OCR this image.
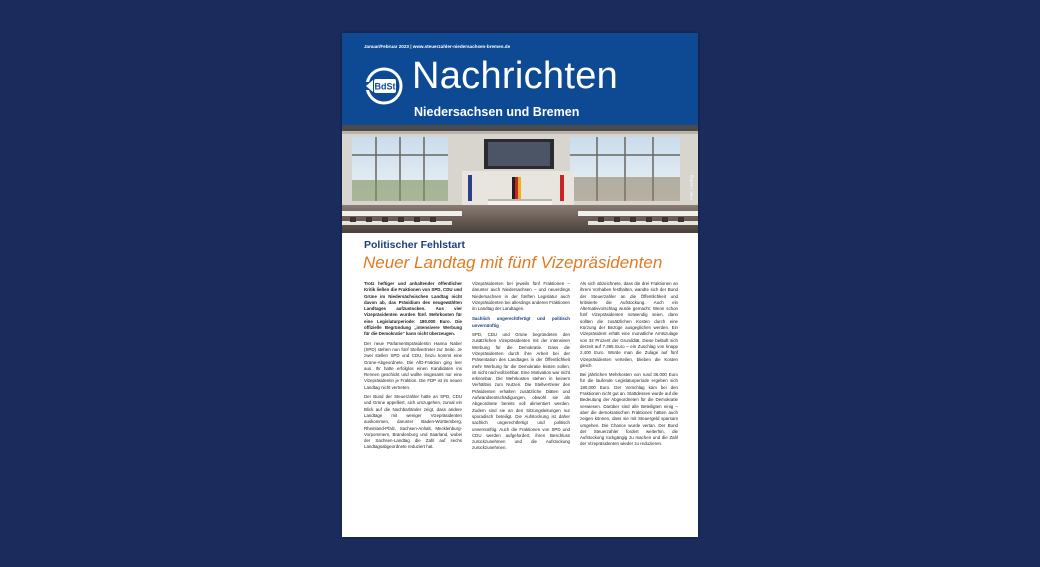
Januar/Februar 2023 | www.steuerzahler-niedersachsen-bremen.de
BdSt Nachrichten
Niedersachsen und Bremen
Foto: Landtag
Politischer Fehlstart
Neuer Landtag mit fünf Vizepräsidenten

Trotz heftiger und anhaltender öffentlicher Kritik ließen die Fraktionen von SPD, CDU und Grüne im Niedersächsischen Landtag nicht davon ab, das Präsidium des neugewählten Landtages aufzustocken. Aus vier Vizepräsidenten wurden fünf. Mehrkosten für eine Legislaturperiode: 180.000 Euro. Die offizielle Begründung „intensivere Werbung für die Demokratie“ kann nicht überzeugen.

Der neue Parlamentspräsidentin Hanna Naber (SPD) stehen nun fünf Stellvertreter zur Seite. Je zwei stellen SPD und CDU, hinzu kommt eine Grüne-Abgeordnete. Die AfD-Fraktion ging leer aus. Ihr hatte erfolglos einen Kandidaten ins Rennen geschickt und wollte insgesamt nur eine Vizepräsidentin je Fraktion. Die FDP ist im neuen Landtag nicht vertreten.

Der Bund der Steuerzahler hatte an SPD, CDU und Grüne appelliert, sich umzugehen, zumal ein Blick auf die Nachbarländer zeigt, dass andere Landtage mit weniger Vizepräsidenten auskommen, darunter Baden-Württemberg, Rheinland-Pfalz, Sachsen-Anhalt, Mecklenburg-Vorpommern, Brandenburg und Saarland, wobei der Sachsen-Landtag die Zahl auf sechs Landtagsabgeordnete reduziert hat.

Vizepräsidenten bei jeweils fünf Fraktionen – darunter auch Niedersachsen – und neuerdings Niedersachsen in der fünften Legislatur auch Vizepräsidenten bei allerdings anderen Fraktionen im Landtag der Landtagen.

Sachlich ungerechtfertigt und politisch unvernünftig

SPD, CDU und Grüne begründeten den zusätzlichen Vizepräsidenten mit der intensiven Werbung für die Demokratie. Dass die Vizepräsidenten durch ihre Arbeit bei der Präsentation des Landtages in der Öffentlichkeit mehr Werbung für die Demokratie leisten sollen, ist nicht nachvollziehbar. Eine Motivation war nicht erkennbar. Die Mehrkosten stehen in keinem Verhältnis zum Nutzen. Die Stellvertreter des Präsidenten erhalten zusätzliche Diäten und Aufwandsentschädigungen, obwohl sie als Abgeordnete bereits voll alimentiert werden. Zudem sind sie an den Sitzungsleitungen nur sporadisch beteiligt. Die Aufstockung ist daher sachlich ungerechtfertigt und politisch unvernünftig. Auch die Fraktionen von SPD und CDU werden aufgefordert, ihren Beschluss zurückzunehmen und die Aufstockung zurückzunehmen.

Als sich abzeichnete, dass die drei Fraktionen an ihrem Vorhaben festhalten, wandte sich der Bund der Steuerzahler an die Öffentlichkeit und kritisierte die Aufstockung. Auch ein Alternativvorschlag wurde gemacht: Wenn schon fünf Vizepräsidenten notwendig seien, dann sollten die zusätzlichen Kosten durch eine Kürzung der Bezüge ausgeglichen werden. Ein Vizepräsident erhält eine monatliche Amtszulage von 32 Prozent der Grunddiät. Diese beläuft sich derzeit auf 7.365 Euro – ein Zuschlag von knapp 2.400 Euro. Würde man die Zulage auf fünf Vizepräsidenten verteilen, blieben die Kosten gleich.

Bei jährlichen Mehrkosten von rund 36.000 Euro für die laufende Legislaturperiode ergeben sich 180.000 Euro. Der Vorschlag kam bei den Fraktionen nicht gut an. Stattdessen wurde auf die Bedeutung der Abgeordneten für die Demokratie verwiesen. Darüber sind alle Beteiligten einig – aber die demokratischen Fraktionen hätten auch zeigen können, dass sie mit Steuergeld sparsam umgehen. Die Chance wurde vertan. Der Bund der Steuerzahler fordert weiterhin, die Aufstockung rückgängig zu machen und die Zahl der Vizepräsidenten wieder zu reduzieren.
